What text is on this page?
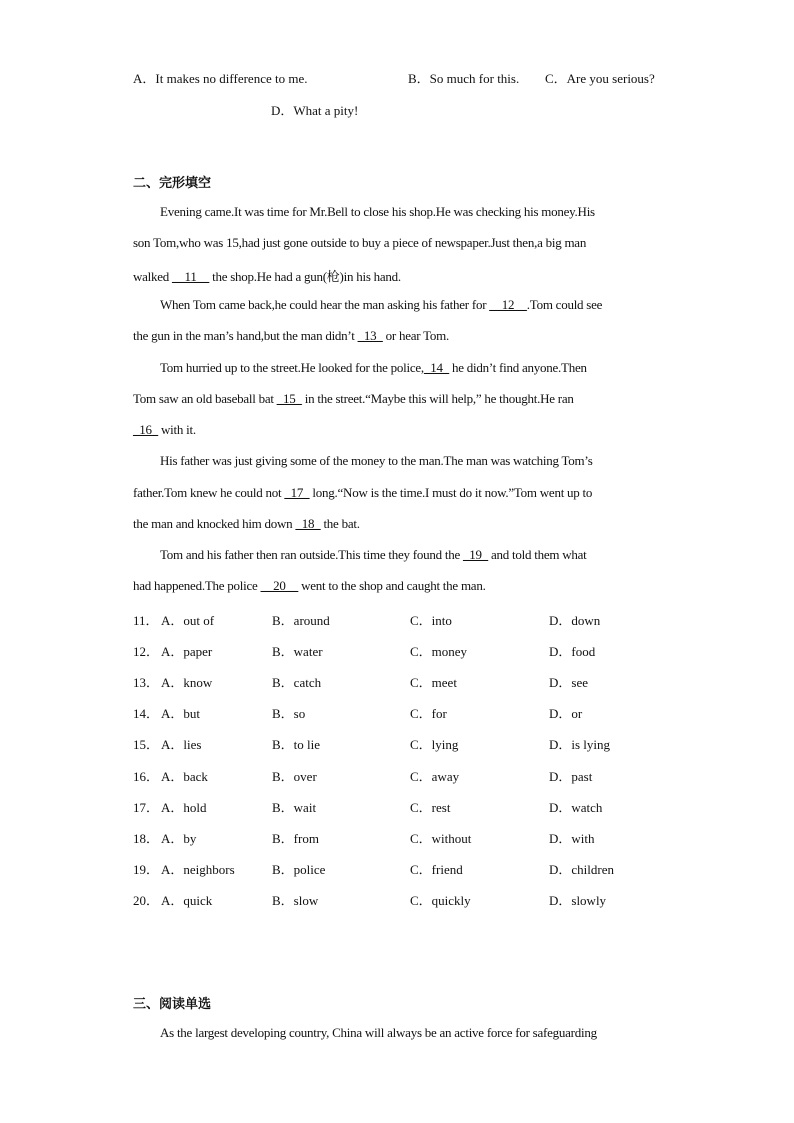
A．It makes no difference to me.	B．So much for this. C．Are you serious?
D．What a pity!
二、完形填空
Evening came.It was time for Mr.Bell to close his shop.He was checking his money.His
son Tom,who was 15,had just gone outside to buy a piece of newspaper.Just then,a big man
walked __11__ the shop.He had a gun(枪)in his hand.
When Tom came back,he could hear the man asking his father for __12__.Tom could see
the gun in the man’s hand,but the man didn’t _13_ or hear Tom.
Tom hurried up to the street.He looked for the police,_14_ he didn’t find anyone.Then
Tom saw an old baseball bat _15_ in the street.“Maybe this will help,” he thought.He ran
_16_ with it.
His father was just giving some of the money to the man.The man was watching Tom’s
father.Tom knew he could not _17_ long.“Now is the time.I must do it now.”Tom went up to
the man and knocked him down _18_ the bat.
Tom and his father then ran outside.This time they found the _19_ and told them what
had happened.The police __20__ went to the shop and caught the man.
11． A．out of	B．around	C．into	D．down
12． A．paper	B．water	C．money	D．food
13． A．know	B．catch	C．meet	D．see
14． A．but	B．so	C．for	D．or
15． A．lies	B．to lie	C．lying	D．is lying
16． A．back	B．over	C．away	D．past
17． A．hold	B．wait	C．rest	D．watch
18． A．by	B．from	C．without	D．with
19． A．neighbors	B．police	C．friend	D．children
20． A．quick	B．slow	C．quickly	D．slowly
三、阅读单选
As the largest developing country, China will always be an active force for safeguarding
